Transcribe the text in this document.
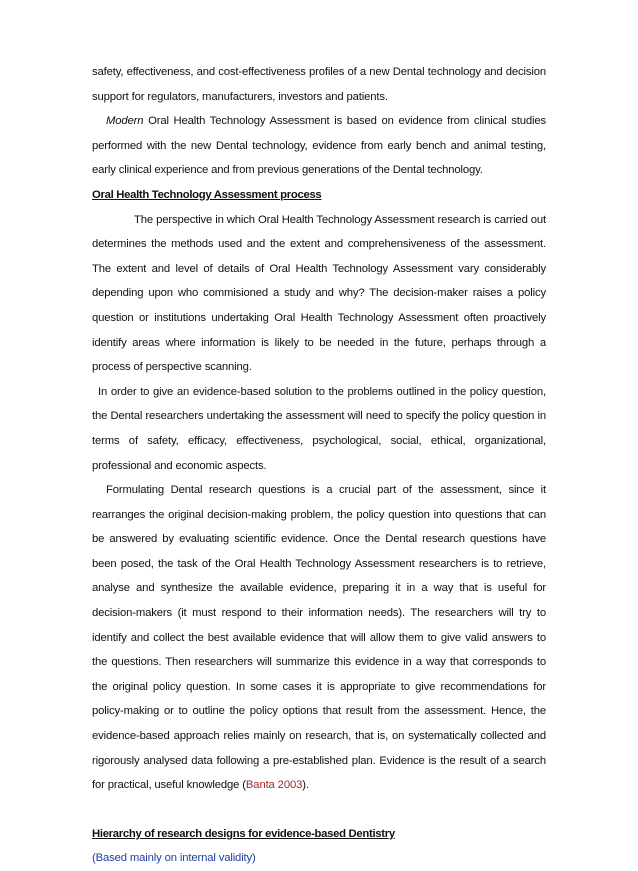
safety, effectiveness, and cost-effectiveness profiles of a new Dental technology and decision support for regulators, manufacturers, investors and patients.

Modern Oral Health Technology Assessment is based on evidence from clinical studies performed with the new Dental technology, evidence from early bench and animal testing, early clinical experience and from previous generations of the Dental technology.

Oral Health Technology Assessment process

The perspective in which Oral Health Technology Assessment research is carried out determines the methods used and the extent and comprehensiveness of the assessment. The extent and level of details of Oral Health Technology Assessment vary considerably depending upon who commisioned a study and why? The decision-maker raises a policy question or institutions undertaking Oral Health Technology Assessment often proactively identify areas where information is likely to be needed in the future, perhaps through a process of perspective scanning.

In order to give an evidence-based solution to the problems outlined in the policy question, the Dental researchers undertaking the assessment will need to specify the policy question in terms of safety, efficacy, effectiveness, psychological, social, ethical, organizational, professional and economic aspects.

Formulating Dental research questions is a crucial part of the assessment, since it rearranges the original decision-making problem, the policy question into questions that can be answered by evaluating scientific evidence. Once the Dental research questions have been posed, the task of the Oral Health Technology Assessment researchers is to retrieve, analyse and synthesize the available evidence, preparing it in a way that is useful for decision-makers (it must respond to their information needs). The researchers will try to identify and collect the best available evidence that will allow them to give valid answers to the questions. Then researchers will summarize this evidence in a way that corresponds to the original policy question. In some cases it is appropriate to give recommendations for policy-making or to outline the policy options that result from the assessment. Hence, the evidence-based approach relies mainly on research, that is, on systematically collected and rigorously analysed data following a pre-established plan. Evidence is the result of a search for practical, useful knowledge (Banta 2003).

Hierarchy of research designs for evidence-based Dentistry

(Based mainly on internal validity)
